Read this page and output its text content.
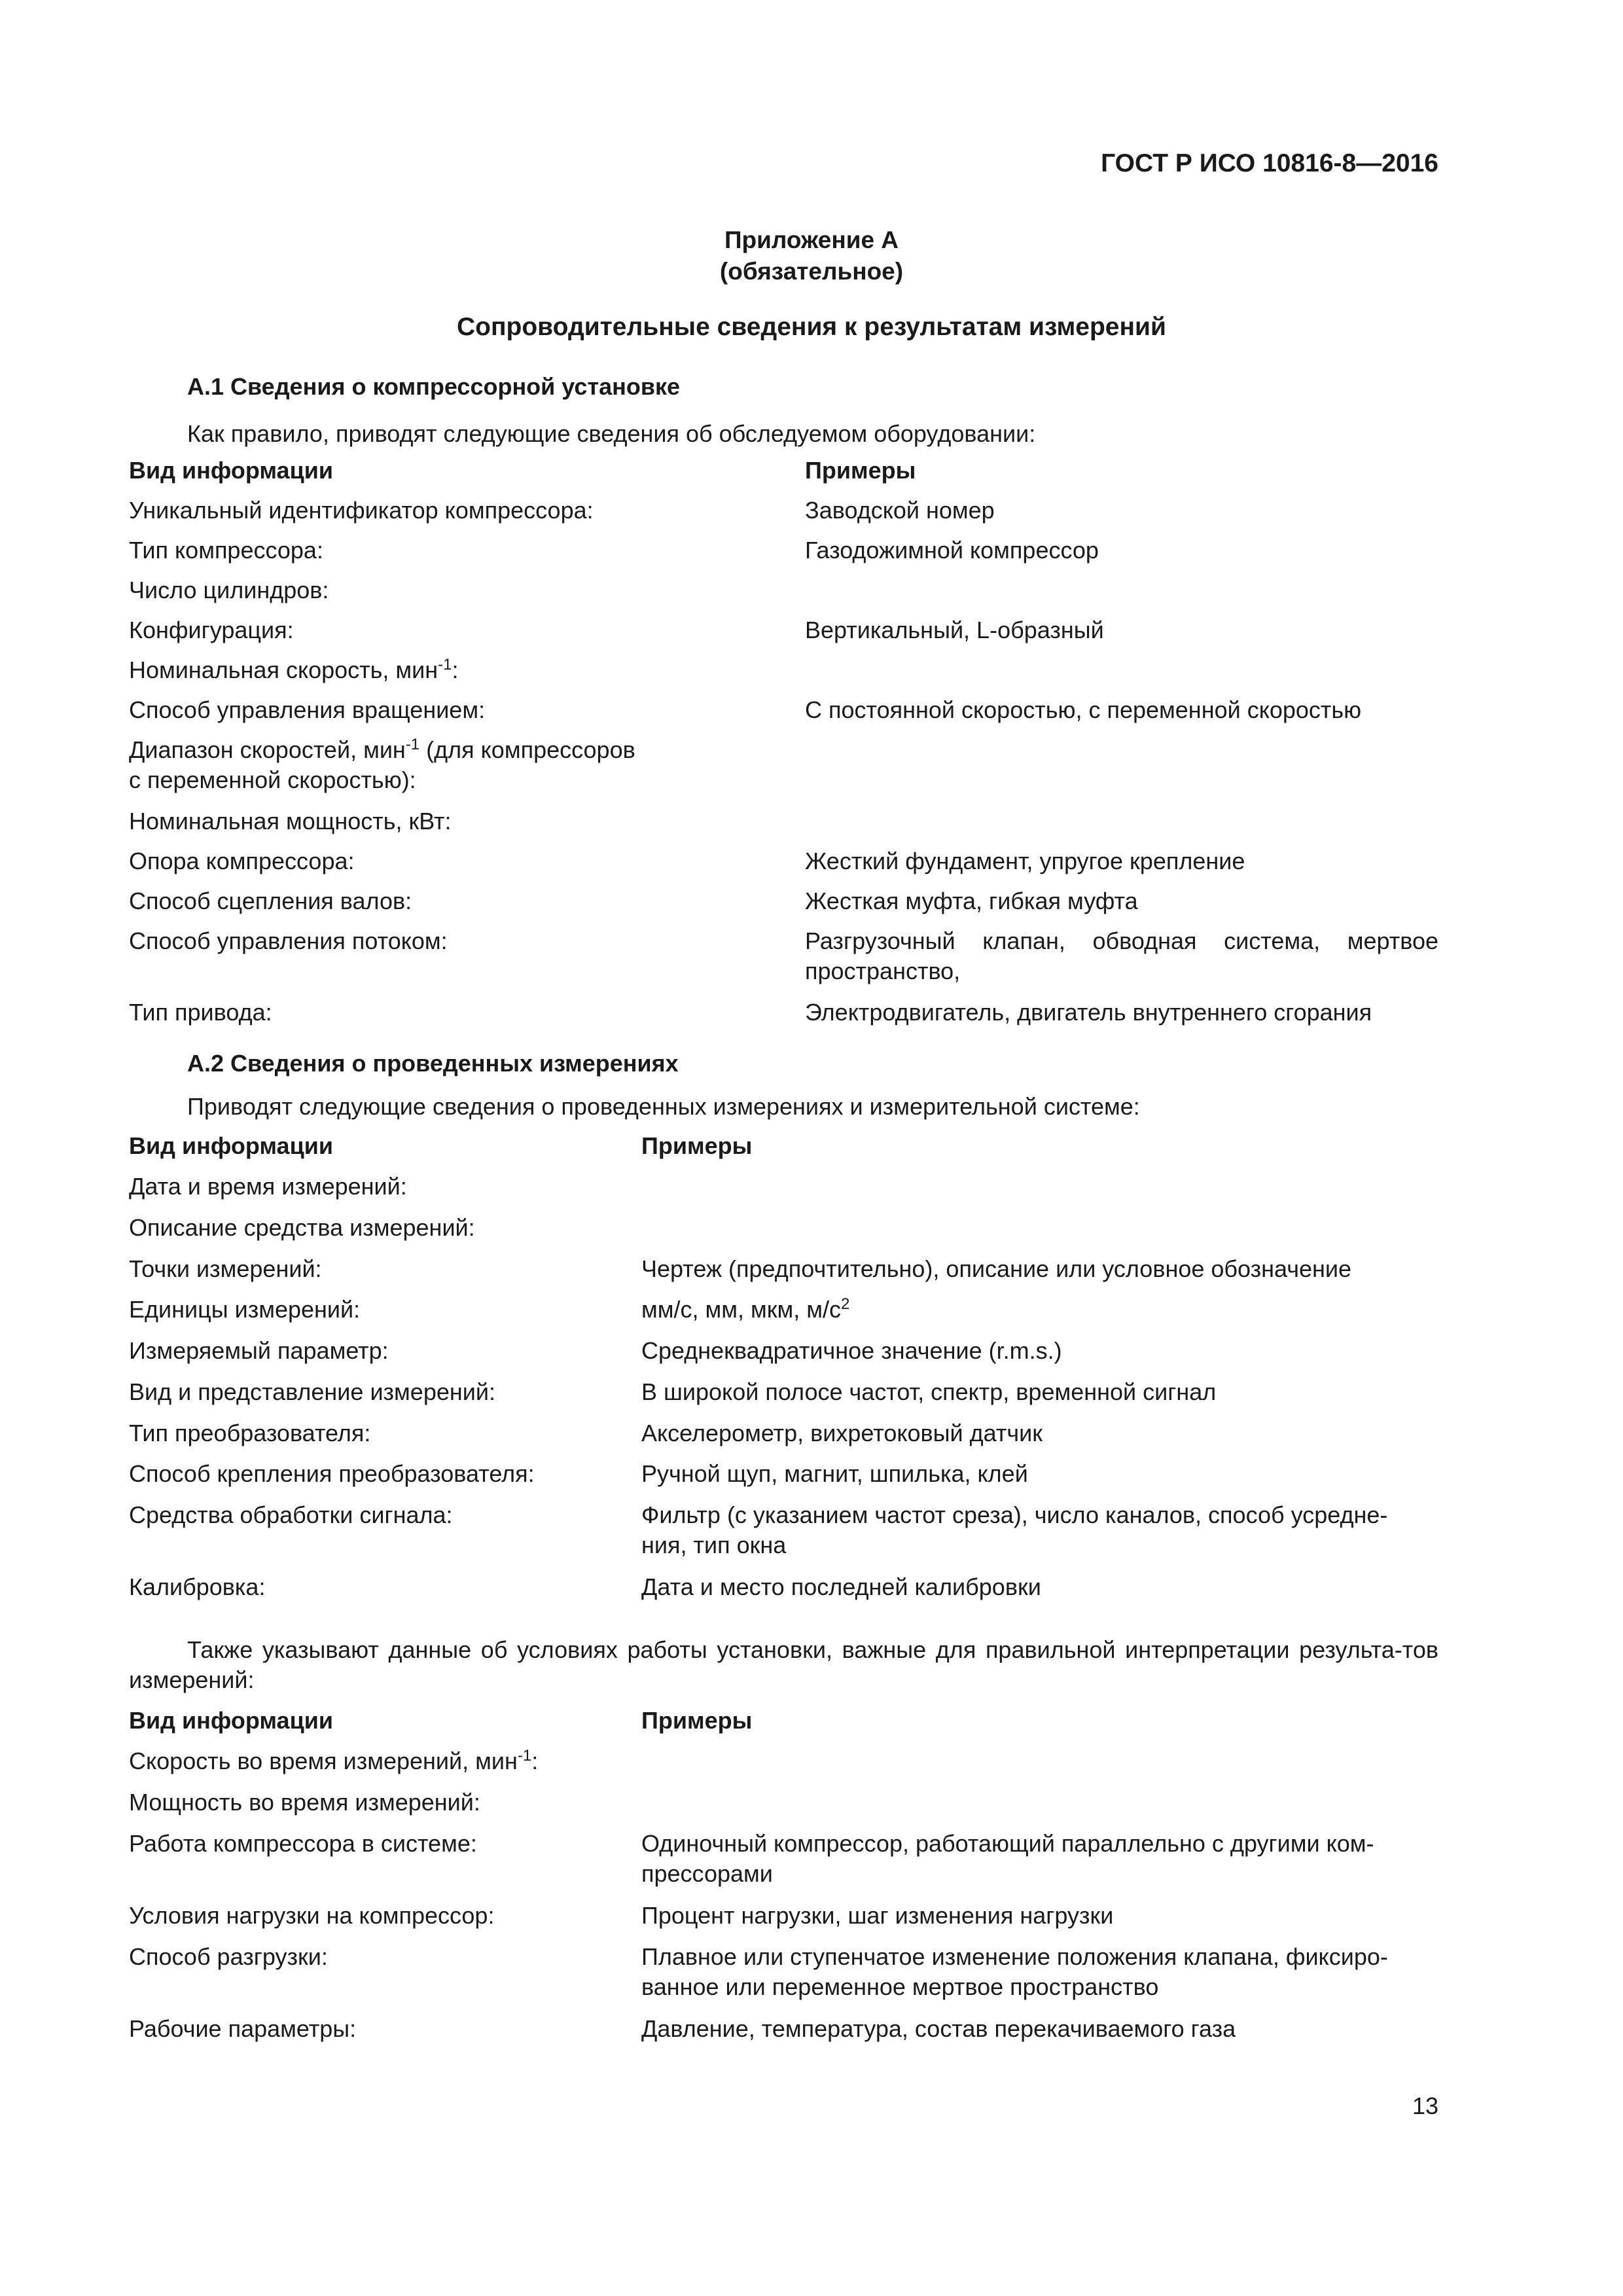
ГОСТ Р ИСО 10816-8—2016
Приложение А
(обязательное)
Сопроводительные сведения к результатам измерений
А.1 Сведения о компрессорной установке
Как правило, приводят следующие сведения об обследуемом оборудовании:
Вид информации	Примеры
Уникальный идентификатор компрессора:	Заводской номер
Тип компрессора:	Газодожимной компрессор
Число цилиндров:
Конфигурация:	Вертикальный, L-образный
Номинальная скорость, мин$^{-1}$:
Способ управления вращением:	С постоянной скоростью, с переменной скоростью
Диапазон скоростей, мин$^{-1}$ (для компрессоров
с переменной скоростью):
Номинальная мощность, кВт:
Опора компрессора:	Жесткий фундамент, упругое крепление
Способ сцепления валов:	Жесткая муфта, гибкая муфта
Способ управления потоком:	Разгрузочный клапан, обводная система, мертвое пространство,
Тип привода:	Электродвигатель, двигатель внутреннего сгорания
А.2 Сведения о проведенных измерениях
Приводят следующие сведения о проведенных измерениях и измерительной системе:
Вид информации	Примеры
Дата и время измерений:
Описание средства измерений:
Точки измерений:	Чертеж (предпочтительно), описание или условное обозначение
Единицы измерений:	мм/с, мм, мкм, $м/с^2$
Измеряемый параметр:	Среднеквадратичное значение (r.m.s.)
Вид и представление измерений:	В широкой полосе частот, спектр, временной сигнал
Тип преобразователя:	Акселерометр, вихретоковый датчик
Способ крепления преобразователя:	Ручной щуп, магнит, шпилька, клей
Средства обработки сигнала:	Фильтр (с указанием частот среза), число каналов, способ усредне-
ния, тип окна
Калибровка:	Дата и место последней калибровки
Также указывают данные об условиях работы установки, важные для правильной интерпретации результа-тов измерений:
Вид информации	Примеры
Скорость во время измерений, мин$^{-1}$:
Мощность во время измерений:
Работа компрессора в системе:	Одиночный компрессор, работающий параллельно с другими ком-
прессорами
Условия нагрузки на компрессор:	Процент нагрузки, шаг изменения нагрузки
Способ разгрузки:	Плавное или ступенчатое изменение положения клапана, фиксиро-
ванное или переменное мертвое пространство
Рабочие параметры:	Давление, температура, состав перекачиваемого газа
13
